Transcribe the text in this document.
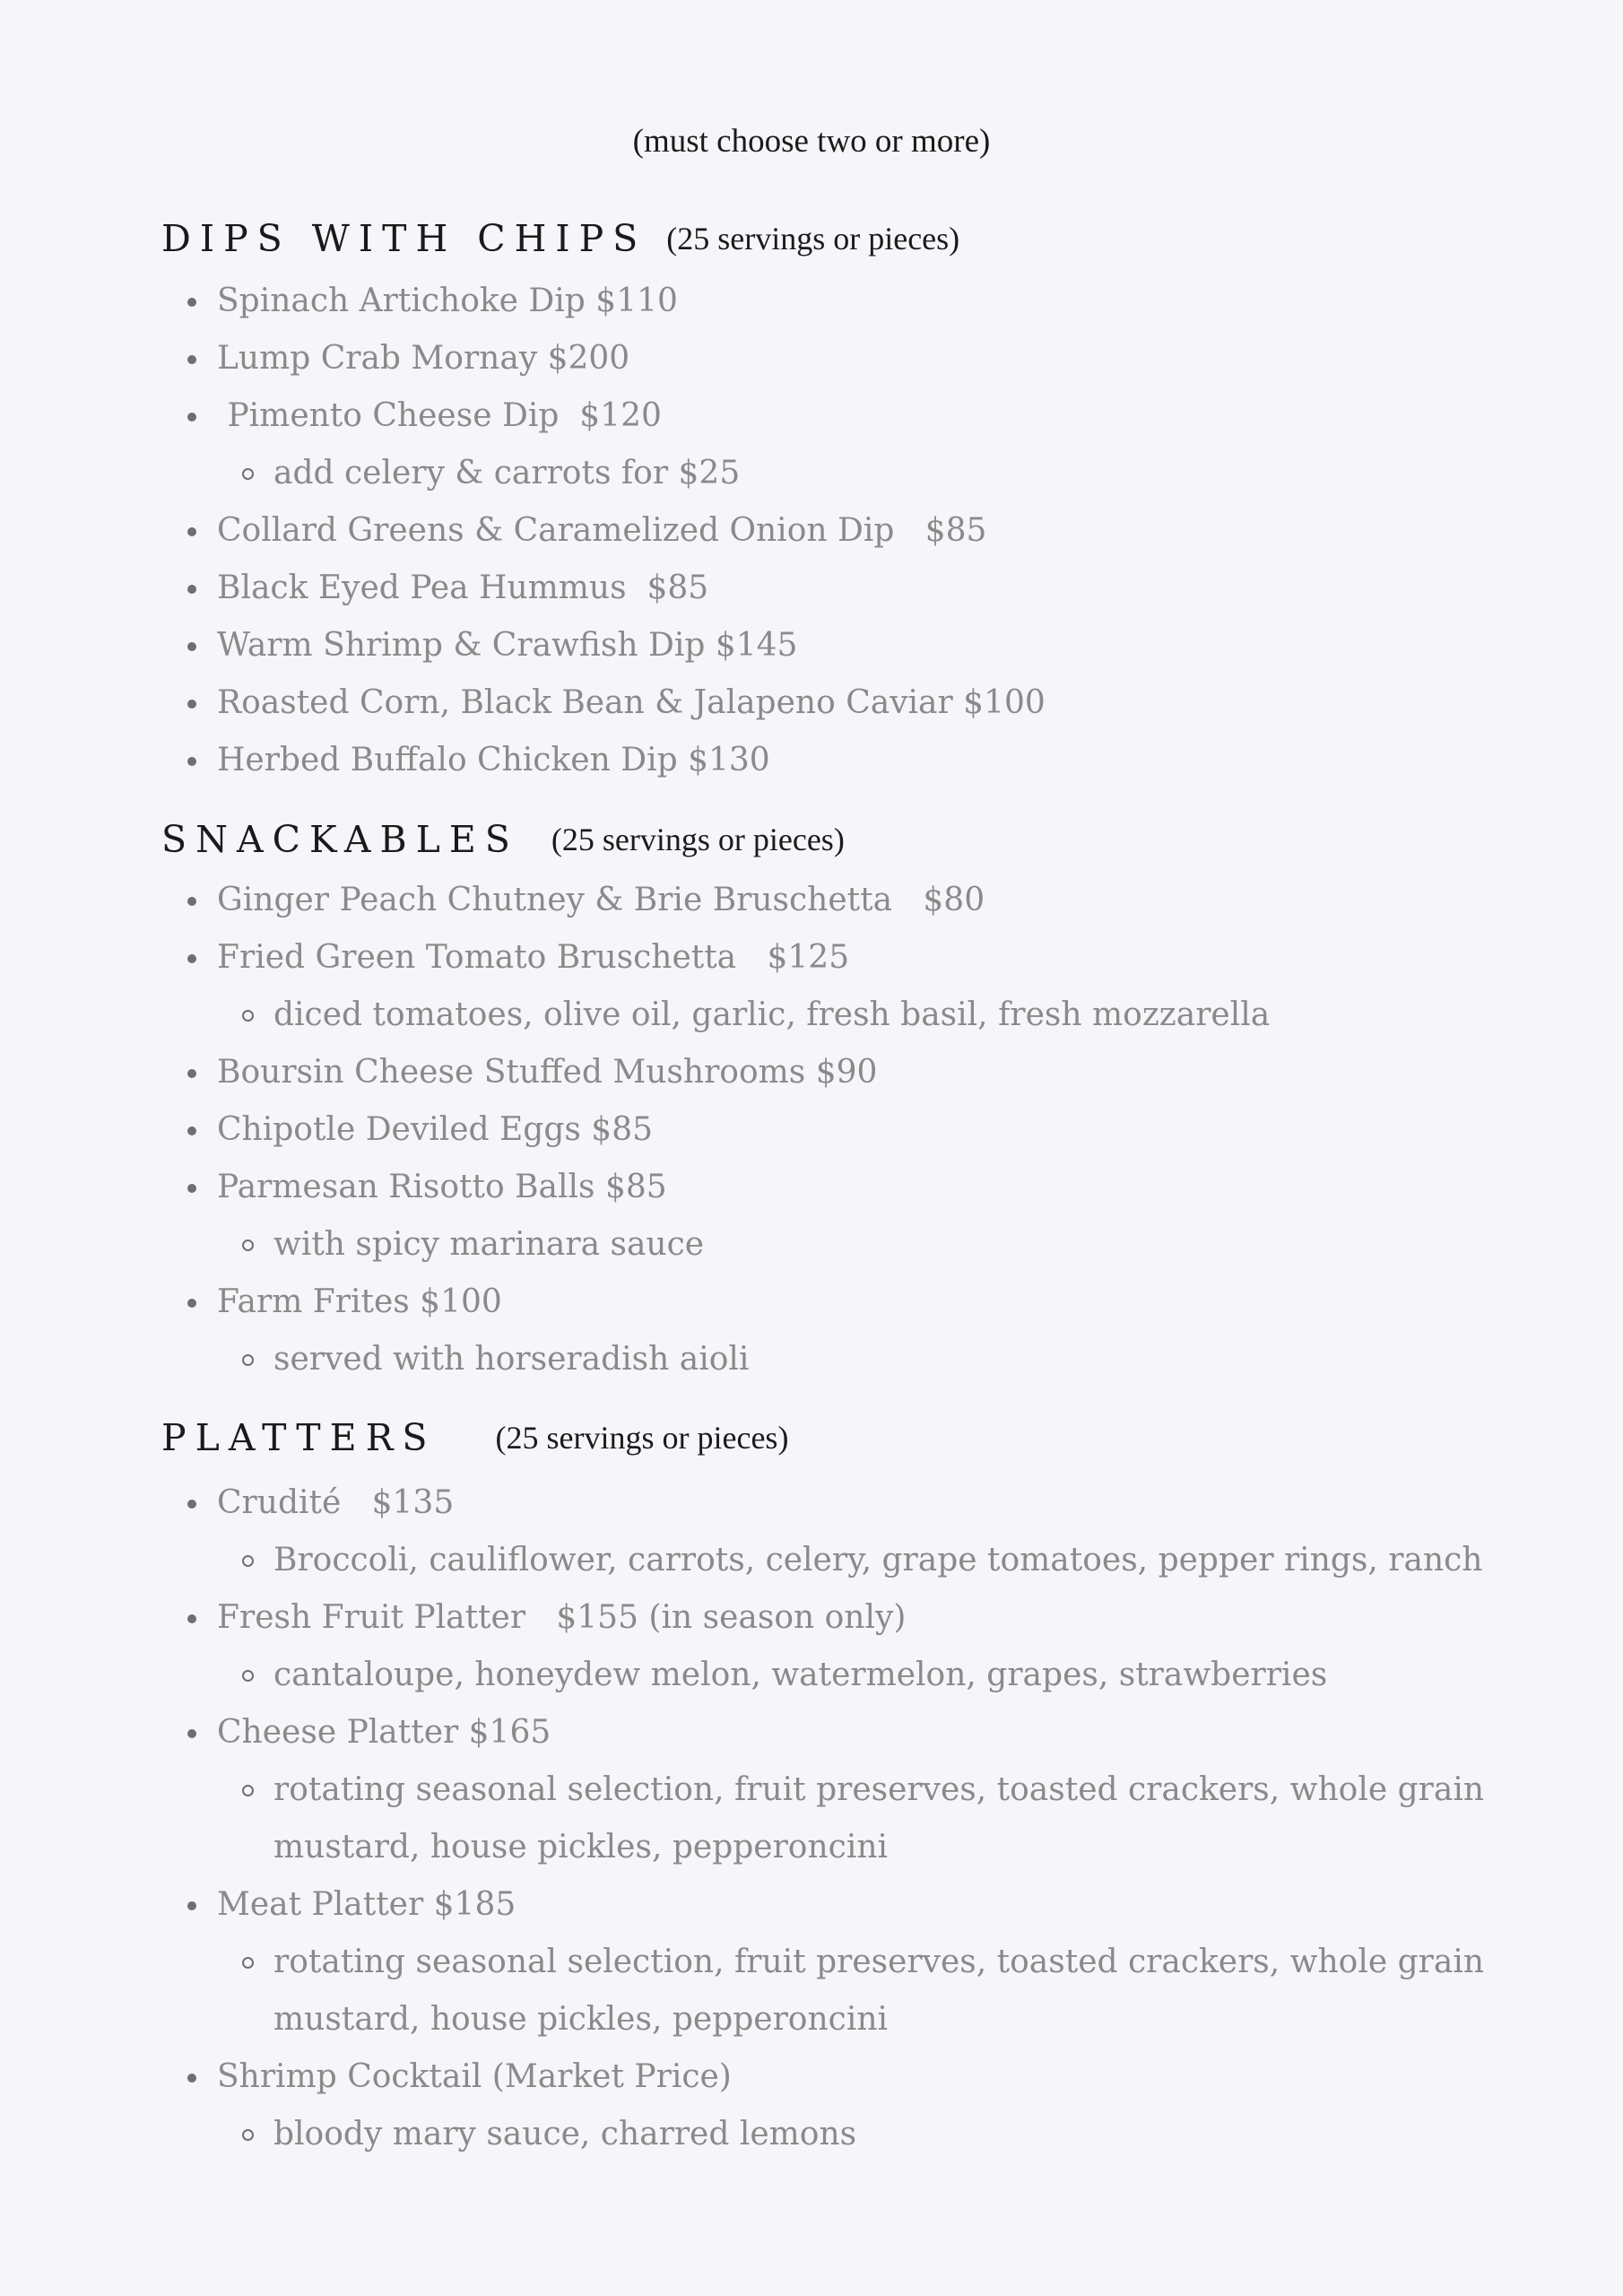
(must choose two or more)
DIPS WITH CHIPS (25 servings or pieces)
Spinach Artichoke Dip $110
Lump Crab Mornay $200
Pimento Cheese Dip  $120
add celery & carrots for $25
Collard Greens & Caramelized Onion Dip   $85
Black Eyed Pea Hummus  $85
Warm Shrimp & Crawfish Dip $145
Roasted Corn, Black Bean & Jalapeno Caviar $100
Herbed Buffalo Chicken Dip $130
SNACKABLES (25 servings or pieces)
Ginger Peach Chutney & Brie Bruschetta   $80
Fried Green Tomato Bruschetta   $125
diced tomatoes, olive oil, garlic, fresh basil, fresh mozzarella
Boursin Cheese Stuffed Mushrooms $90
Chipotle Deviled Eggs $85
Parmesan Risotto Balls $85
with spicy marinara sauce
Farm Frites $100
served with horseradish aioli
PLATTERS (25 servings or pieces)
Crudité   $135
Broccoli, cauliflower, carrots, celery, grape tomatoes, pepper rings, ranch
Fresh Fruit Platter   $155 (in season only)
cantaloupe, honeydew melon, watermelon, grapes, strawberries
Cheese Platter $165
rotating seasonal selection, fruit preserves, toasted crackers, whole grain
mustard, house pickles, pepperoncini
Meat Platter $185
rotating seasonal selection, fruit preserves, toasted crackers, whole grain
mustard, house pickles, pepperoncini
Shrimp Cocktail (Market Price)
bloody mary sauce, charred lemons
